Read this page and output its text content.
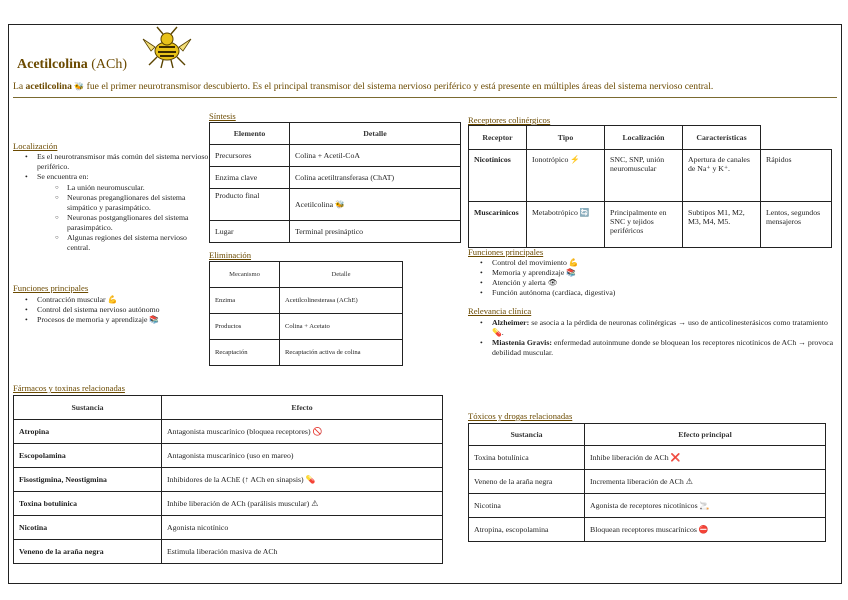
Acetilcolina (ACh)
La acetilcolina 🐝 fue el primer neurotransmisor descubierto. Es el principal transmisor del sistema nervioso periférico y está presente en múltiples áreas del sistema nervioso central.
Localización
• Es el neurotransmisor más común del sistema nervioso periférico.
• Se encuentra en:
○ La unión neuromuscular.
○ Neuronas preganglionares del sistema simpático y parasimpático.
○ Neuronas postganglionares del sistema parasimpático.
○ Algunas regiones del sistema nervioso central.
Funciones principales
• Contracción muscular 💪
• Control del sistema nervioso autónomo
• Procesos de memoria y aprendizaje 📚
Síntesis
Elemento	Detalle
Precursores	Colina + Acetil-CoA
Enzima clave	Colina acetiltransferasa (ChAT)
Producto final	Acetilcolina 🐝
Lugar	Terminal presináptico
Eliminación
Mecanismo	Detalle
Enzima	Acetilcolinesterasa (AChE)
Productos	Colina + Acetato
Recaptación	Recaptación activa de colina
Receptores colinérgicos
Receptor	Tipo	Localización	Características	
Nicotínicos	Ionotrópico ⚡	SNC, SNP, unión neuromuscular	Apertura de canales de Na⁺ y K⁺.	Rápidos
Muscarínicos	Metabotrópico 🔄	Principalmente en SNC y tejidos periféricos	Subtipos M1, M2, M3, M4, M5.	Lentos, segundos mensajeros
Funciones principales
• Control del movimiento 💪
• Memoria y aprendizaje 📚
• Atención y alerta 👁
• Función autónoma (cardíaca, digestiva)
Relevancia clínica
• Alzheimer: se asocia a la pérdida de neuronas colinérgicas → uso de anticolinesterásicos como tratamiento 💊.
• Miastenia Gravis: enfermedad autoinmune donde se bloquean los receptores nicotínicos de ACh → provoca debilidad muscular.
Fármacos y toxinas relacionadas
Sustancia	Efecto
Atropina	Antagonista muscarínico (bloquea receptores) 🚫
Escopolamina	Antagonista muscarínico (uso en mareo)
Fisostigmina, Neostigmina	Inhibidores de la AChE (↑ ACh en sinapsis) 💊
Toxina botulínica	Inhibe liberación de ACh (parálisis muscular) ⚠
Nicotina	Agonista nicotínico
Veneno de la araña negra	Estimula liberación masiva de ACh
Tóxicos y drogas relacionadas
Sustancia	Efecto principal
Toxina botulínica	Inhibe liberación de ACh ❌
Veneno de la araña negra	Incrementa liberación de ACh ⚠
Nicotina	Agonista de receptores nicotínicos 🚬
Atropina, escopolamina	Bloquean receptores muscarínicos ⛔
